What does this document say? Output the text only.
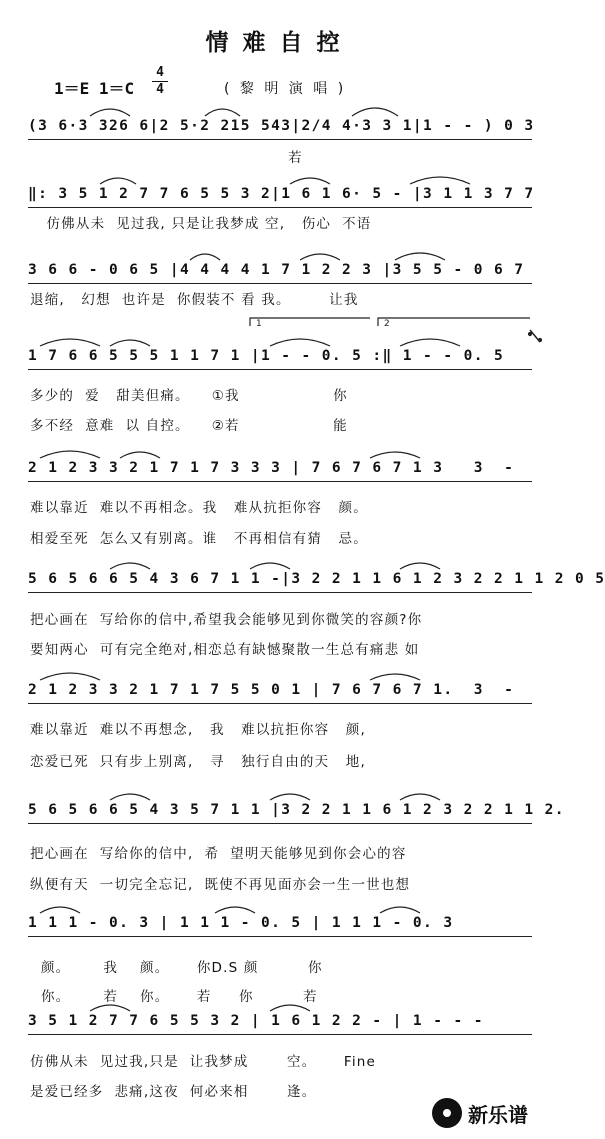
情难自控
1＝E 1＝C
4
4	( 黎 明 演 唱 )
(3 6·3 326 6|2 5·2 215 543|2/4 4·3 3 1|1 - - ) 0 3
若
‖: 3 5 1 2 7 7 6 5 5 3 2|1 6 1 6· 5 - |3 1 1 3 7 7
仿佛从未  见过我, 只是让我梦成 空,   伤心  不语
3 6 6 - 0 6 5 |4 4 4 4 1 7 1 2 2 3 |3 5 5 - 0 6 7
退缩,   幻想  也许是  你假装不 看 我。       让我
1 7 6 6 5 5 5 1 1 7 1 |1 - - 0. 5 :‖ 1 - - 0. 5
多少的  爱   甜美但痛。    ①我                 你
多不经  意难  以 自控。    ②若                 能
2 1 2 3 3 2 1 7 1 7 3 3 3 | 7 6 7 6 7 1 3   3  -
难以靠近  难以不再相念。我   难从抗拒你容   颜。
相爱至死  怎么又有别离。谁   不再相信有猜   忌。
5 6 5 6 6 5 4 3 6 7 1 1 -|3 2 2 1 1 6 1 2 3 2 2 1 1 2 0 5
把心画在  写给你的信中,希望我会能够见到你微笑的容颜?你
要知两心  可有完全绝对,相恋总有缺憾聚散一生总有痛悲 如
2 1 2 3 3 2 1 7 1 7 5 5 0 1 | 7 6 7 6 7 1.  3  -
难以靠近  难以不再想念,   我   难以抗拒你容   颜,
恋爱已死  只有步上别离,   寻   独行自由的天   地,
5 6 5 6 6 5 4 3 5 7 1 1 |3 2 2 1 1 6 1 2 3 2 2 1 1 2.
把心画在  写给你的信中,  希  望明天能够见到你会心的容
纵便有天  一切完全忘记,  既使不再见面亦会一生一世也想
1 1 1 - 0. 3 | 1 1 1 - 0. 5 | 1 1 1 - 0. 3
颜。      我    颜。     你D.S 颜         你
你。      若    你。     若     你         若
3 5 1 2 7 7 6 5 5 3 2 | 1 6 1 2 2 - | 1 - - -
仿佛从未  见过我,只是  让我梦成       空。     Fine
是爱已经多  悲痛,这夜  何必来相       逢。
1	2
新乐谱
